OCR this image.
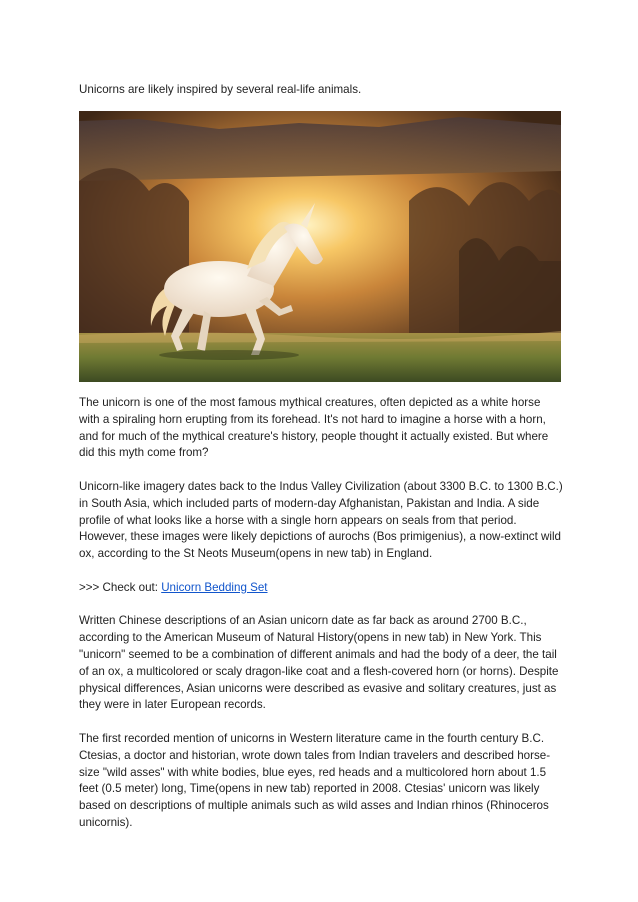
Unicorns are likely inspired by several real-life animals.

The unicorn is one of the most famous mythical creatures, often depicted as a white horse with a spiraling horn erupting from its forehead. It's not hard to imagine a horse with a horn, and for much of the mythical creature's history, people thought it actually existed. But where did this myth come from?

Unicorn-like imagery dates back to the Indus Valley Civilization (about 3300 B.C. to 1300 B.C.) in South Asia, which included parts of modern-day Afghanistan, Pakistan and India. A side profile of what looks like a horse with a single horn appears on seals from that period. However, these images were likely depictions of aurochs (Bos primigenius), a now-extinct wild ox, according to the St Neots Museum(opens in new tab) in England.

>>> Check out: Unicorn Bedding Set

Written Chinese descriptions of an Asian unicorn date as far back as around 2700 B.C., according to the American Museum of Natural History(opens in new tab) in New York. This "unicorn" seemed to be a combination of different animals and had the body of a deer, the tail of an ox, a multicolored or scaly dragon-like coat and a flesh-covered horn (or horns). Despite physical differences, Asian unicorns were described as evasive and solitary creatures, just as they were in later European records.

The first recorded mention of unicorns in Western literature came in the fourth century B.C. Ctesias, a doctor and historian, wrote down tales from Indian travelers and described horse-size "wild asses" with white bodies, blue eyes, red heads and a multicolored horn about 1.5 feet (0.5 meter) long, Time(opens in new tab) reported in 2008. Ctesias' unicorn was likely based on descriptions of multiple animals such as wild asses and Indian rhinos (Rhinoceros unicornis).
